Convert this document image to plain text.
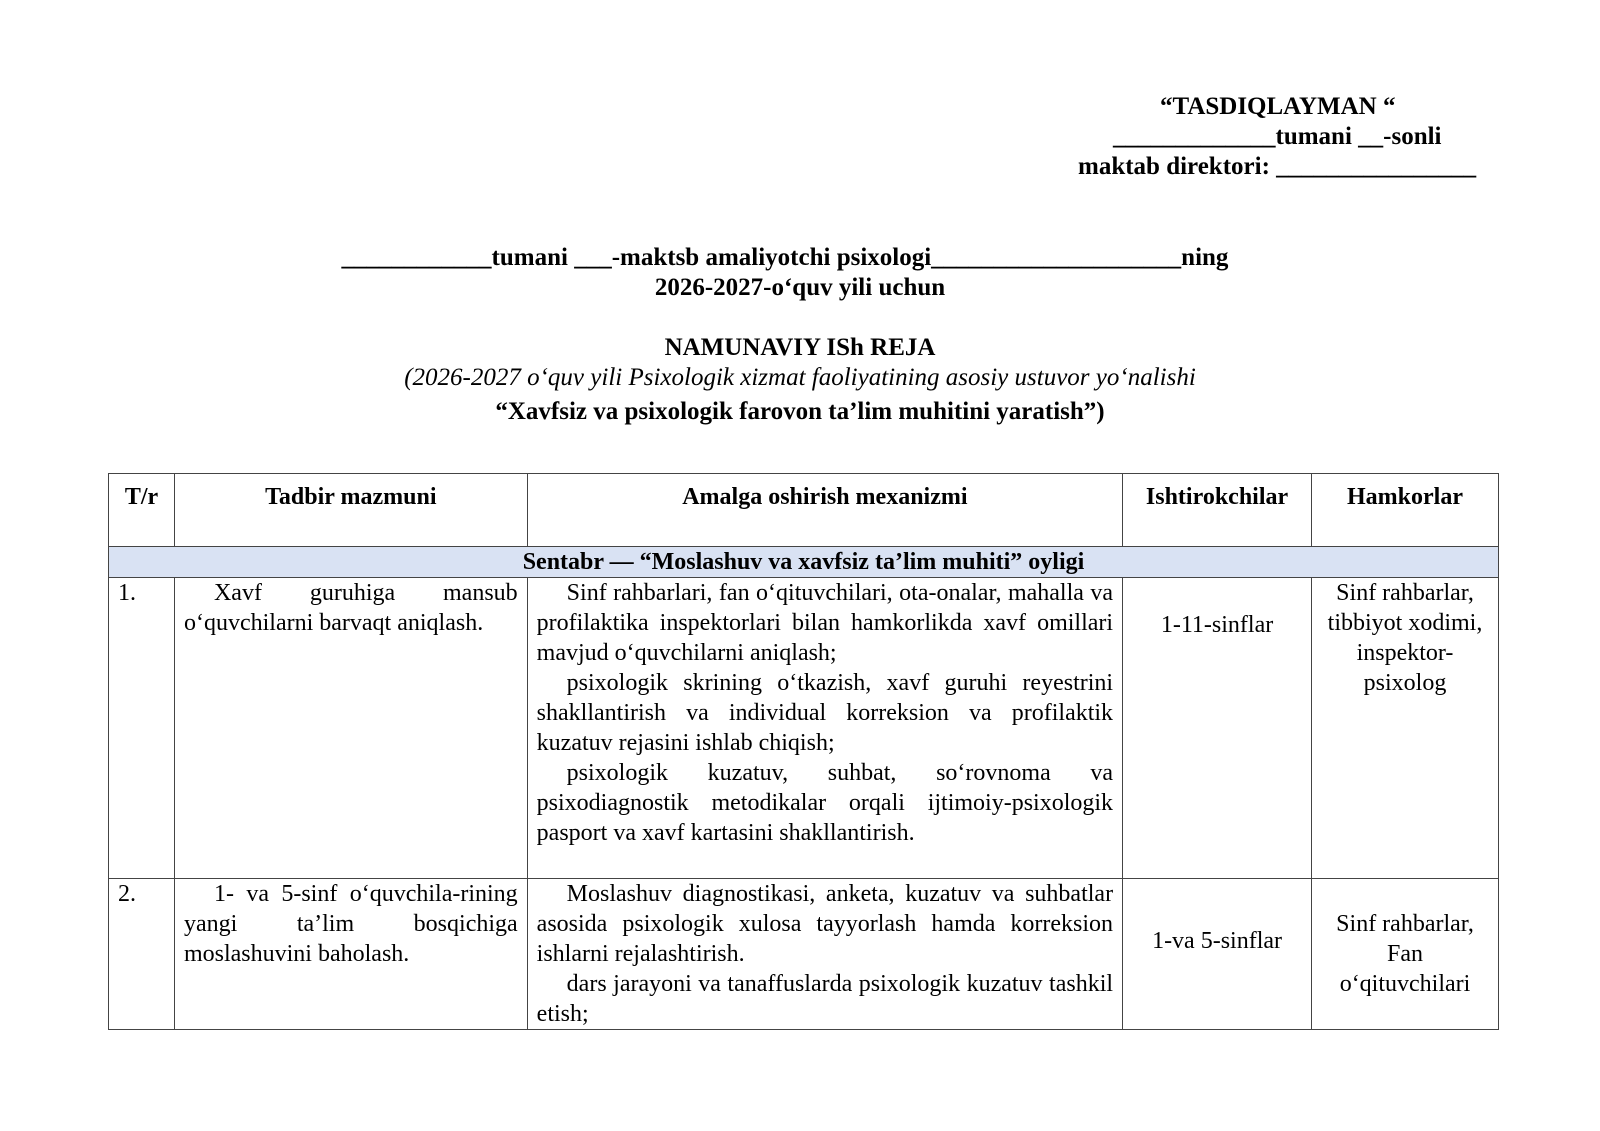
“TASDIQLAYMAN “
_____________tumani __-sonli
maktab direktori: ________________
____________tumani ___-maktsb amaliyotchi psixologi____________________ning
2026-2027-o‘quv yili uchun
NAMUNAVIY ISh REJA
(2026-2027 o‘quv yili Psixologik xizmat faoliyatining asosiy ustuvor yo‘nalishi
“Xavfsiz va psixologik farovon ta’lim muhitini yaratish”)
T/r	Tadbir mazmuni	Amalga oshirish mexanizmi	Ishtirokchilar	Hamkorlar
Sentabr — “Moslashuv va xavfsiz ta’lim muhiti” oyligi				
1.	Xavf guruhiga mansub o‘quvchilarni barvaqt aniqlash.	Sinf rahbarlari, fan o‘qituvchilari, ota-onalar, mahalla va profilaktika inspektorlari bilan hamkorlikda xavf omillari mavjud o‘quvchilarni aniqlash;

psixologik skrining o‘tkazish, xavf guruhi reyestrini shakllantirish va individual korreksion va profilaktik kuzatuv rejasini ishlab chiqish;

psixologik kuzatuv, suhbat, so‘rovnoma va psixodiagnostik metodikalar orqali ijtimoiy-psixologik pasport va xavf kartasini shakllantirish.	1-11-sinflar	Sinf rahbarlar, tibbiyot xodimi, inspektor-psixolog
2.	1- va 5-sinf o‘quvchila-rining yangi ta’lim bosqichiga moslashuvini baholash.	Moslashuv diagnostikasi, anketa, kuzatuv va suhbatlar asosida psixologik xulosa tayyorlash hamda korreksion ishlarni rejalashtirish.

dars jarayoni va tanaffuslarda psixologik kuzatuv tashkil etish;	1-va 5-sinflar	Sinf rahbarlar, Fan o‘qituvchilari
